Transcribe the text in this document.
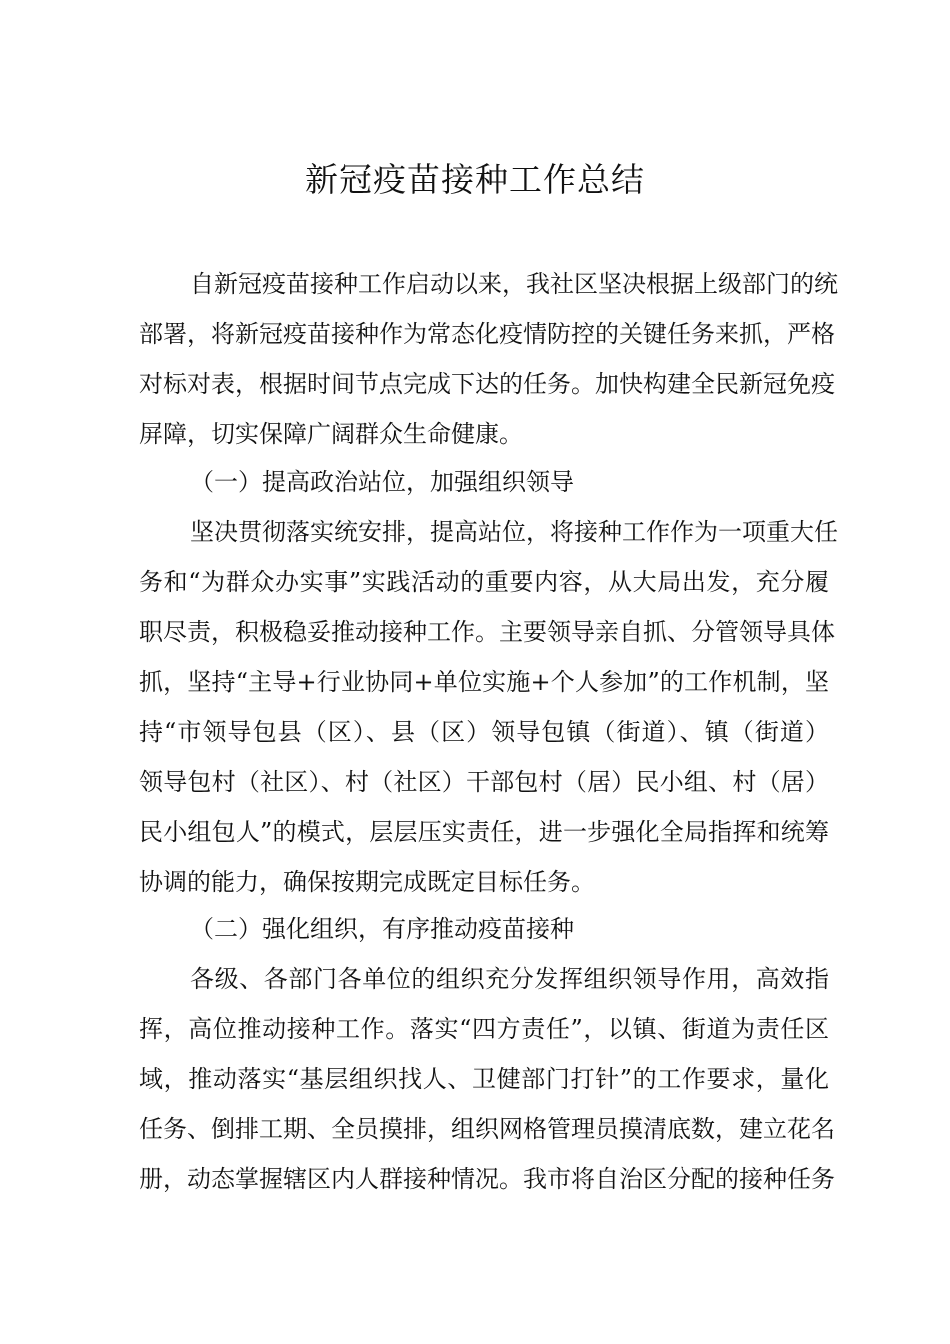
新冠疫苗接种工作总结
自新冠疫苗接种工作启动以来，我社区坚决根据上级部门的统
部署，将新冠疫苗接种作为常态化疫情防控的关键任务来抓，严格
对标对表，根据时间节点完成下达的任务。加快构建全民新冠免疫
屏障，切实保障广阔群众生命健康。
（一）提高政治站位，加强组织领导
坚决贯彻落实统安排，提高站位，将接种工作作为一项重大任
务和“为群众办实事”实践活动的重要内容，从大局出发，充分履
职尽责，积极稳妥推动接种工作。主要领导亲自抓、分管领导具体
抓，坚持“主导+行业协同+单位实施+个人参加”的工作机制，坚
持“市领导包县（区）、县（区）领导包镇（街道）、镇（街道）
领导包村（社区）、村（社区）干部包村（居）民小组、村（居）
民小组包人”的模式，层层压实责任，进一步强化全局指挥和统筹
协调的能力，确保按期完成既定目标任务。
（二）强化组织，有序推动疫苗接种
各级、各部门各单位的组织充分发挥组织领导作用，高效指
挥，高位推动接种工作。落实“四方责任”，以镇、街道为责任区
域，推动落实“基层组织找人、卫健部门打针”的工作要求，量化
任务、倒排工期、全员摸排，组织网格管理员摸清底数，建立花名
册，动态掌握辖区内人群接种情况。我市将自治区分配的接种任务
